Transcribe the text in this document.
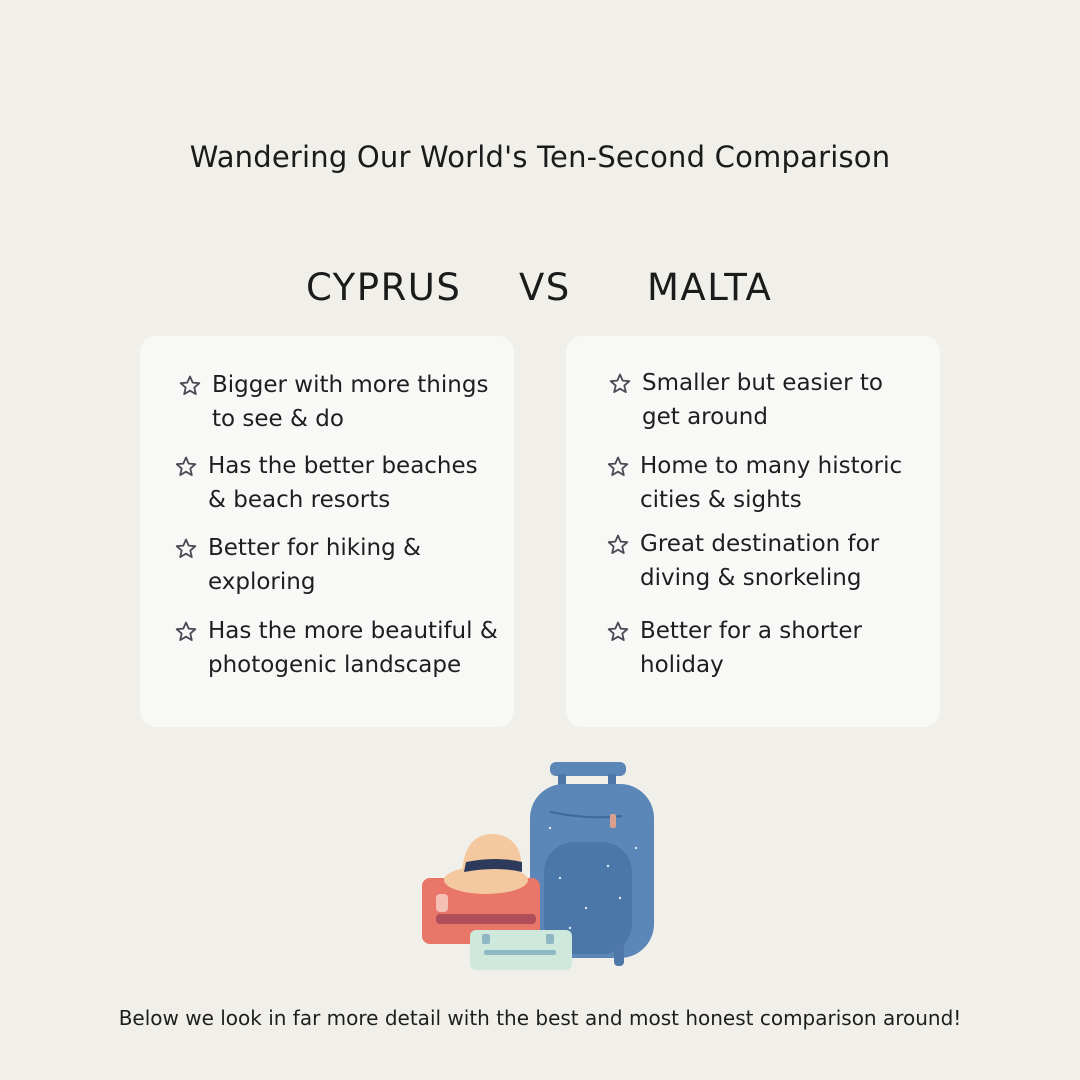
Wandering Our World's Ten-Second Comparison
CYPRUS VS MALTA
Bigger with more things to see & do
Has the better beaches & beach resorts
Better for hiking & exploring
Has the more beautiful & photogenic landscape
Smaller but easier to get around
Home to many historic cities & sights
Great destination for diving & snorkeling
Better for a shorter holiday
Below we look in far more detail with the best and most honest comparison around!
